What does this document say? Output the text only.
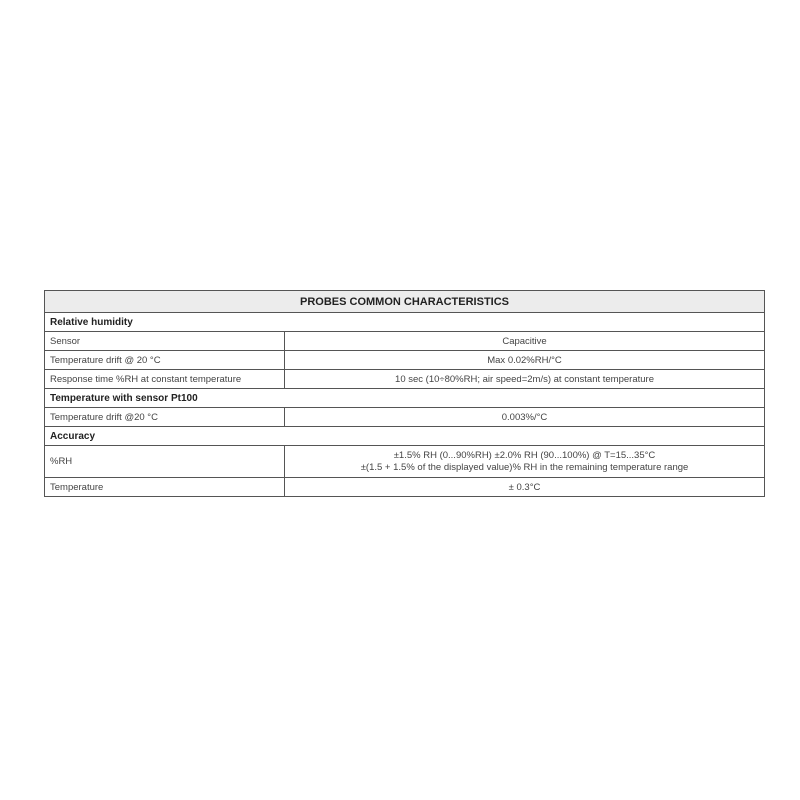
PROBES COMMON CHARACTERISTICS	
Relative humidity	
Sensor	Capacitive
Temperature drift @ 20 °C	Max 0.02%RH/°C
Response time %RH at constant temperature	10 sec (10÷80%RH; air speed=2m/s) at constant temperature
Temperature with sensor Pt100	
Temperature drift @20 °C	0.003%/°C
Accuracy	
%RH	±1.5% RH (0...90%RH) ±2.0% RH (90...100%) @ T=15...35°C
±(1.5 + 1.5% of the displayed value)% RH in the remaining temperature range

Temperature	± 0.3°C
